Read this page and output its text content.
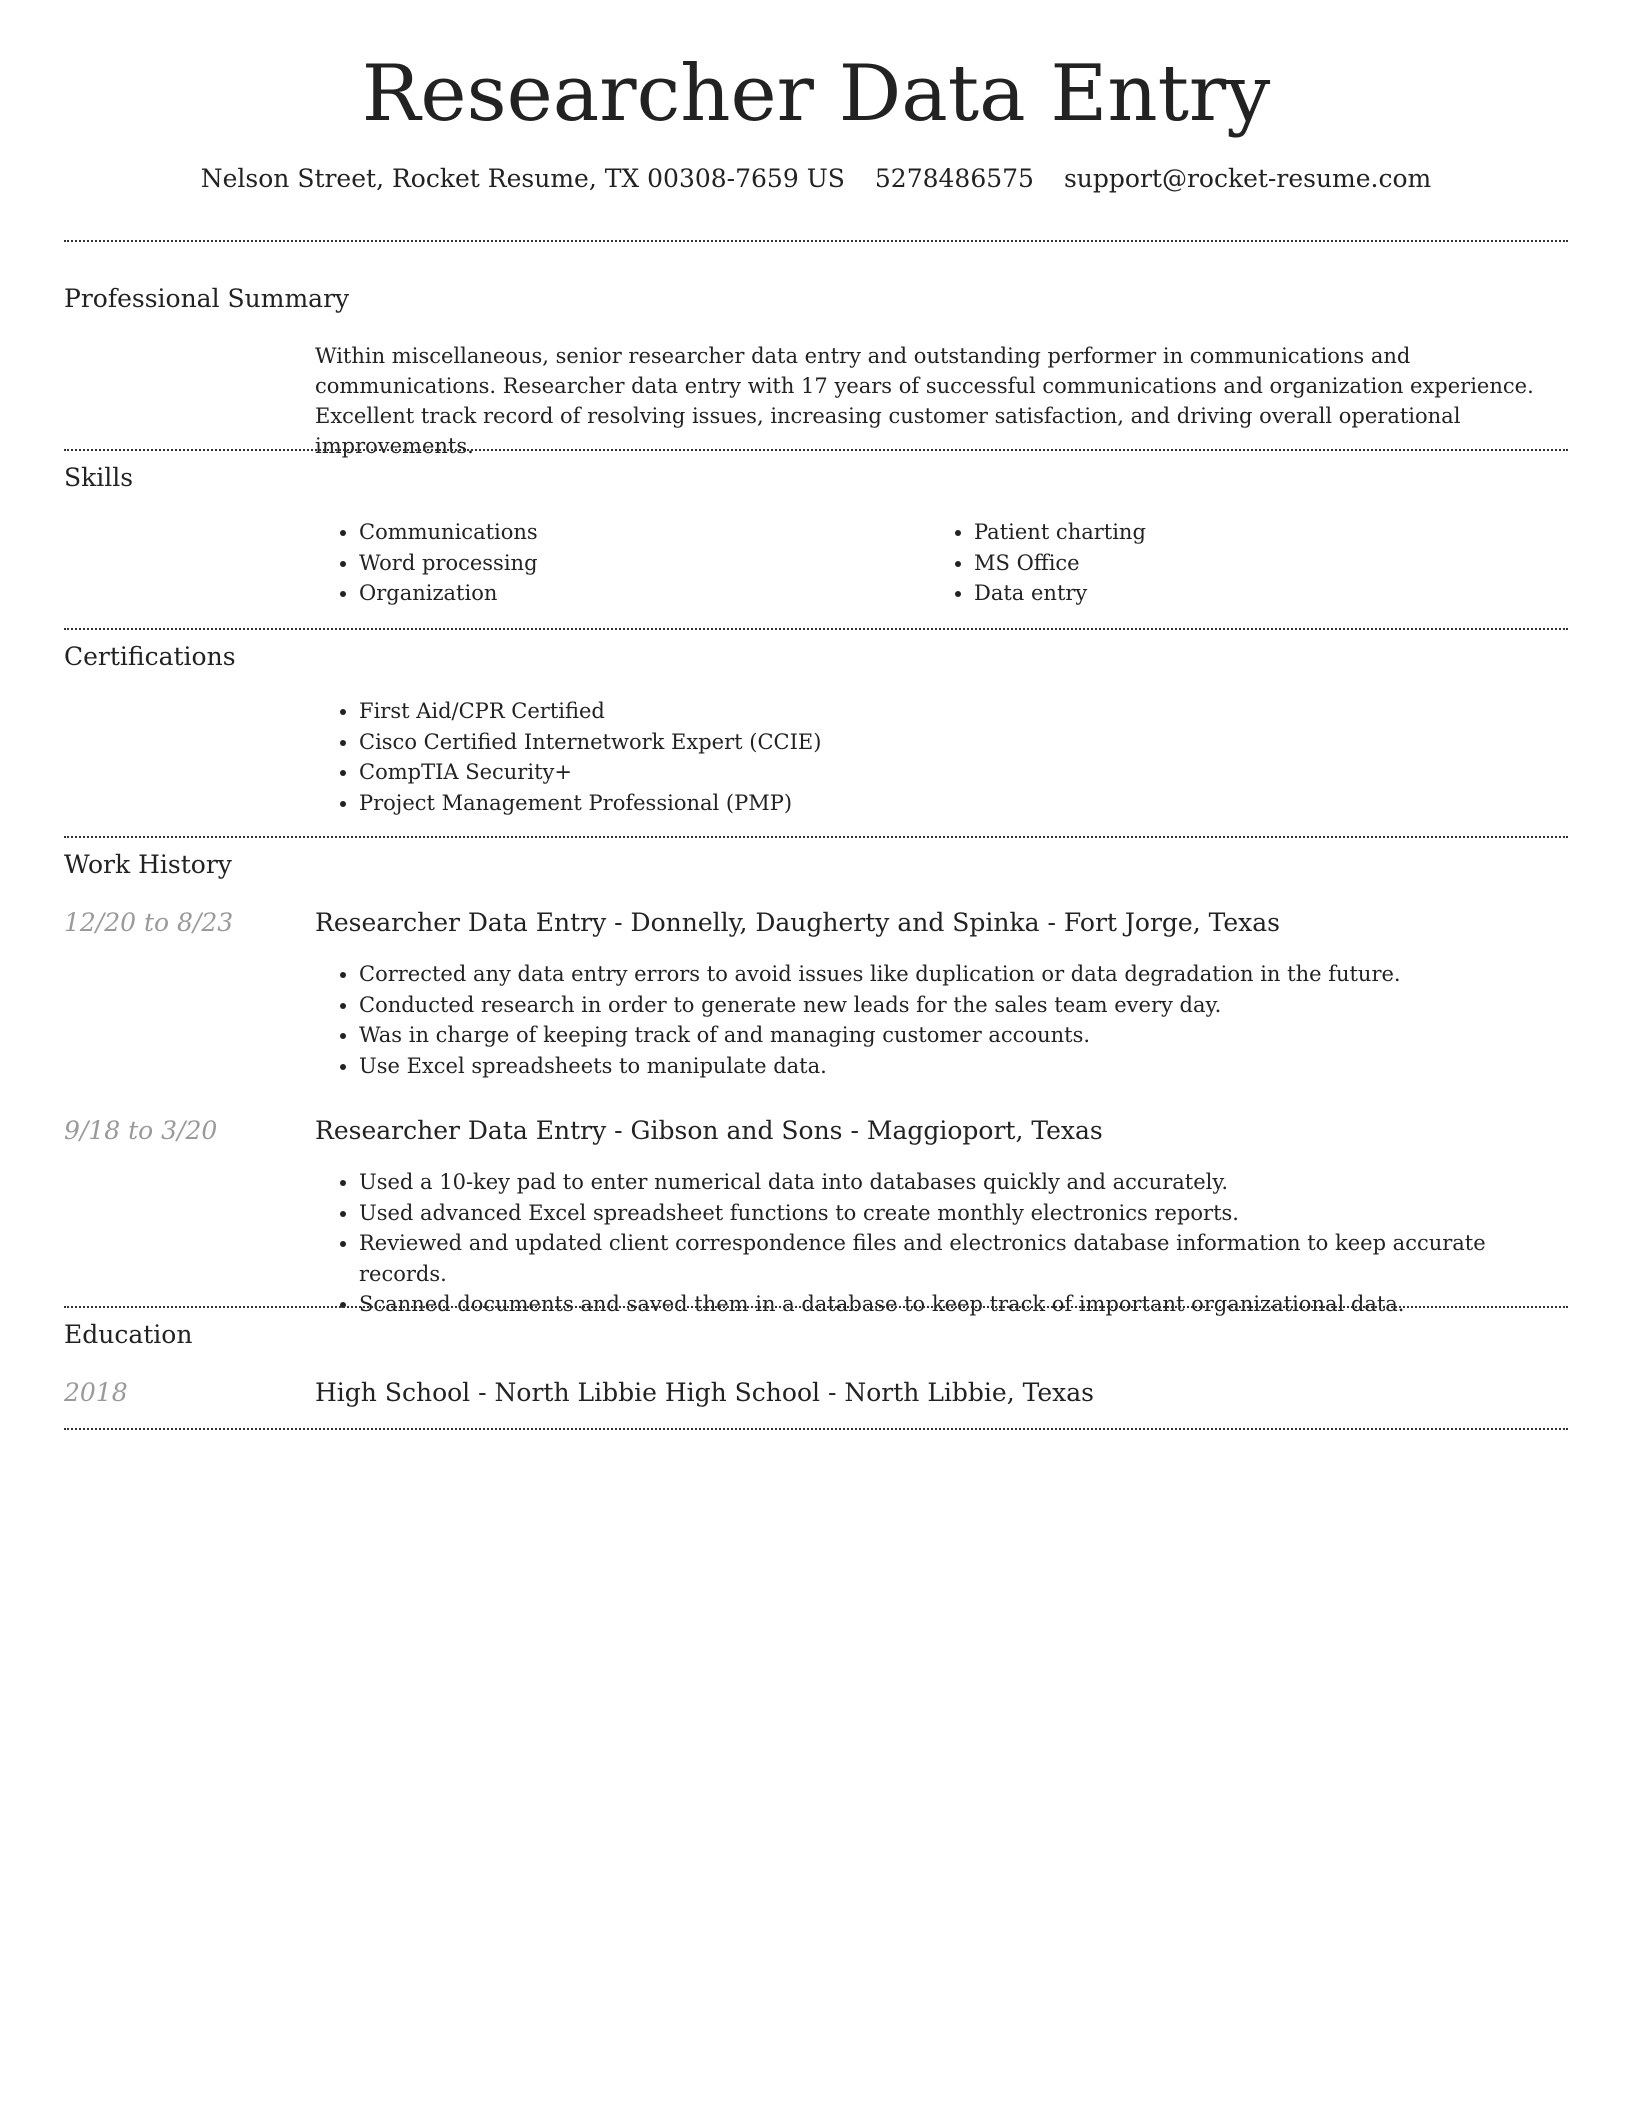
Researcher Data Entry
Nelson Street, Rocket Resume, TX 00308-7659 US 5278486575 support@rocket-resume.com
Professional Summary
Within miscellaneous, senior researcher data entry and outstanding performer in communications and communications. Researcher data entry with 17 years of successful communications and organization experience. Excellent track record of resolving issues, increasing customer satisfaction, and driving overall operational improvements.
Skills
• Communications
• Word processing
• Organization
• Patient charting
• MS Office
• Data entry
Certifications
• First Aid/CPR Certified
• Cisco Certified Internetwork Expert (CCIE)
• CompTIA Security+
• Project Management Professional (PMP)
Work History
12/20 to 8/23	Researcher Data Entry - Donnelly, Daugherty and Spinka - Fort Jorge, Texas
• Corrected any data entry errors to avoid issues like duplication or data degradation in the future.
• Conducted research in order to generate new leads for the sales team every day.
• Was in charge of keeping track of and managing customer accounts.
• Use Excel spreadsheets to manipulate data.
9/18 to 3/20	Researcher Data Entry - Gibson and Sons - Maggioport, Texas
• Used a 10-key pad to enter numerical data into databases quickly and accurately.
• Used advanced Excel spreadsheet functions to create monthly electronics reports.
• Reviewed and updated client correspondence files and electronics database information to keep accurate records.
• Scanned documents and saved them in a database to keep track of important organizational data.
Education
2018	High School - North Libbie High School - North Libbie, Texas
